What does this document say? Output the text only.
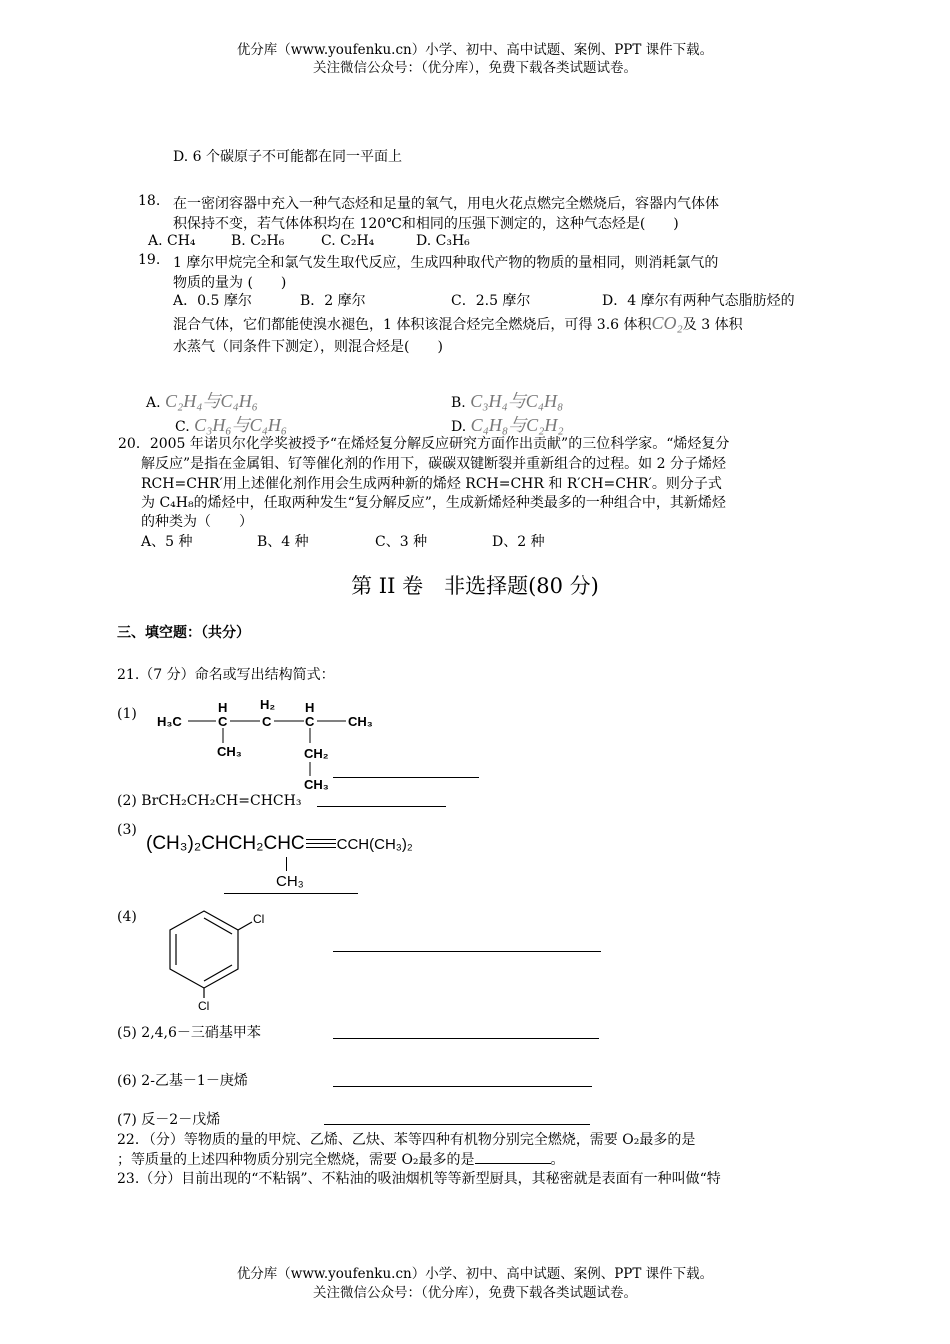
优分库（www.youfenku.cn）小学、初中、高中试题、案例、PPT 课件下载。
关注微信公众号：（优分库），免费下载各类试题试卷。
D. 6 个碳原子不可能都在同一平面上
18. 在一密闭容器中充入一种气态烃和足量的氧气，用电火花点燃完全燃烧后，容器内气体体
积保持不变，若气体体积均在 120℃和相同的压强下测定的，这种气态烃是(　　)
A. CH₄	B. C₂H₆	C. C₂H₄	D. C₃H₆
19. 1 摩尔甲烷完全和氯气发生取代反应，生成四种取代产物的物质的量相同，则消耗氯气的
物质的量为 (　　)
A．0.5 摩尔	B．2 摩尔	C．2.5 摩尔	D．4 摩尔有两种气态脂肪烃的
混合气体，它们都能使溴水褪色，1 体积该混合烃完全燃烧后，可得 3.6 体积CO₂及 3 体积
水蒸气（同条件下测定），则混合烃是(　　)
A. C₂H₄与C₄H₆	B. C₃H₄与C₄H₈
C. C₃H₆与C₄H₆	D. C₄H₈与C₂H₂
20．2005 年诺贝尔化学奖被授予“在烯烃复分解反应研究方面作出贡献”的三位科学家。“烯烃复分
解反应”是指在金属钼、钌等催化剂的作用下，碳碳双键断裂并重新组合的过程。如 2 分子烯烃
RCH=CHR′用上述催化剂作用会生成两种新的烯烃 RCH=CHR 和 R′CH=CHR′。则分子式
为 C₄H₈的烯烃中，任取两种发生“复分解反应”，生成新烯烃种类最多的一种组合中，其新烯烃
的种类为（　　）
A、5 种	B、4 种	C、3 种	D、2 种
第 II 卷　非选择题(80 分)
三、填空题：（共分）
21.（7 分）命名或写出结构简式：
(1) H₃C
H
C
H₂
C
H
C	CH₃
CH₃	CH₂
CH₃
(2) BrCH₂CH₂CH=CHCH₃
(3)
(CH₃)₂CHCH₂CHC CCH(CH₃)₂
CH₃
(4)	Cl
Cl
(5) 2,4,6－三硝基甲苯
(6) 2-乙基－1－庚烯
(7) 反－2－戊烯
22．（分）等物质的量的甲烷、乙烯、乙炔、苯等四种有机物分别完全燃烧，需要 O₂最多的是
；等质量的上述四种物质分别完全燃烧，需要 O₂最多的是	。
23.（分）目前出现的“不粘锅”、不粘油的吸油烟机等等新型厨具，其秘密就是表面有一种叫做“特
优分库（www.youfenku.cn）小学、初中、高中试题、案例、PPT 课件下载。
关注微信公众号：（优分库），免费下载各类试题试卷。
